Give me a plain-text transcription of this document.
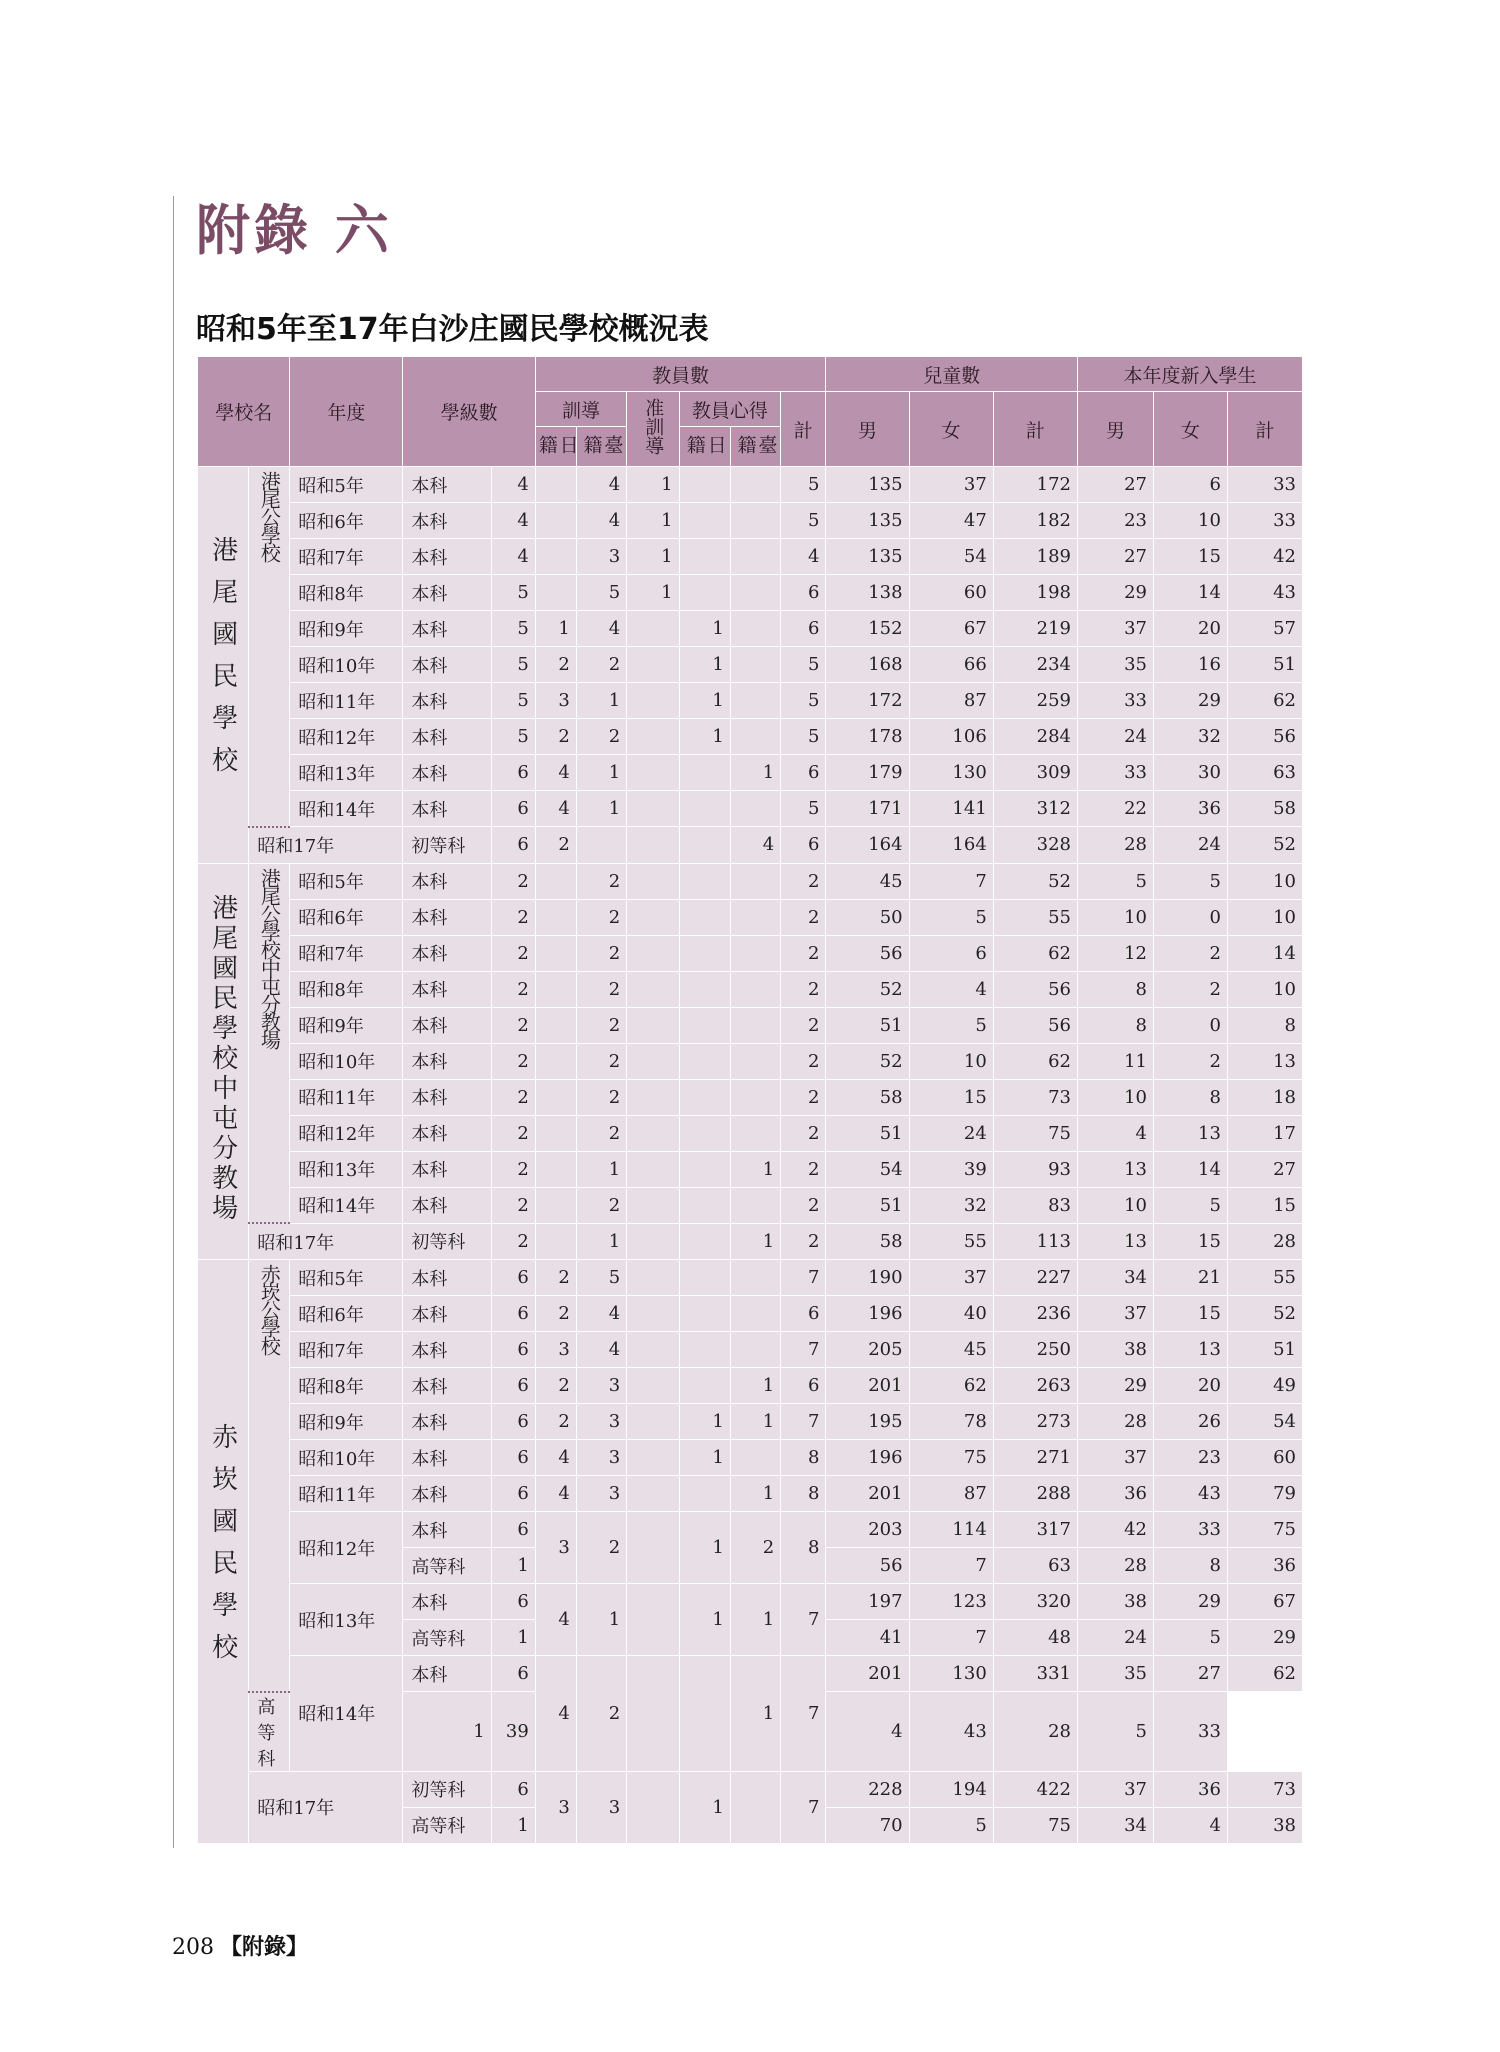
附錄 六
昭和5年至17年白沙庄國民學校概況表
學校名		年度	學級數		教員數						兒童數			本年度新入學生		
					訓導		准訓導	教員心得		計	男	女	計	男	女	計
					日籍	臺籍		日籍	臺籍							

港尾國民學校	港尾公學校	昭和5年	本科	4		4	1			5	135	37	172	27	6	33
		昭和6年	本科	4		4	1			5	135	47	182	23	10	33
		昭和7年	本科	4		3	1			4	135	54	189	27	15	42
		昭和8年	本科	5		5	1			6	138	60	198	29	14	43
		昭和9年	本科	5	1	4		1		6	152	67	219	37	20	57
		昭和10年	本科	5	2	2		1		5	168	66	234	35	16	51
		昭和11年	本科	5	3	1		1		5	172	87	259	33	29	62
		昭和12年	本科	5	2	2		1		5	178	106	284	24	32	56
		昭和13年	本科	6	4	1			1	6	179	130	309	33	30	63
		昭和14年	本科	6	4	1				5	171	141	312	22	36	58
	昭和17年		初等科	6	2				4	6	164	164	328	28	24	52
港尾國民學校中屯分教場	港尾公學校中屯分教場	昭和5年	本科	2		2				2	45	7	52	5	5	10
		昭和6年	本科	2		2				2	50	5	55	10	0	10
		昭和7年	本科	2		2				2	56	6	62	12	2	14
		昭和8年	本科	2		2				2	52	4	56	8	2	10
		昭和9年	本科	2		2				2	51	5	56	8	0	8
		昭和10年	本科	2		2				2	52	10	62	11	2	13
		昭和11年	本科	2		2				2	58	15	73	10	8	18
		昭和12年	本科	2		2				2	51	24	75	4	13	17
		昭和13年	本科	2		1			1	2	54	39	93	13	14	27
		昭和14年	本科	2		2				2	51	32	83	10	5	15
	昭和17年		初等科	2		1			1	2	58	55	113	13	15	28
赤崁國民學校	赤崁公學校	昭和5年	本科	6	2	5				7	190	37	227	34	21	55
		昭和6年	本科	6	2	4				6	196	40	236	37	15	52
		昭和7年	本科	6	3	4				7	205	45	250	38	13	51
		昭和8年	本科	6	2	3			1	6	201	62	263	29	20	49
		昭和9年	本科	6	2	3		1	1	7	195	78	273	28	26	54
		昭和10年	本科	6	4	3		1		8	196	75	271	37	23	60
		昭和11年	本科	6	4	3			1	8	201	87	288	36	43	79
		昭和12年	本科	6	3	2		1	2	8	203	114	317	42	33	75
			高等科	1							56	7	63	28	8	36
		昭和13年	本科	6	4	1		1	1	7	197	123	320	38	29	67
			高等科	1							41	7	48	24	5	29
		昭和14年	本科	6	4	2			1	7	201	130	331	35	27	62
	高等科		1	39							4	43	28	5	33	
	昭和17年		初等科	6	3	3		1		7	228	194	422	37	36	73
			高等科	1							70	5	75	34	4	38
208 【附錄】
